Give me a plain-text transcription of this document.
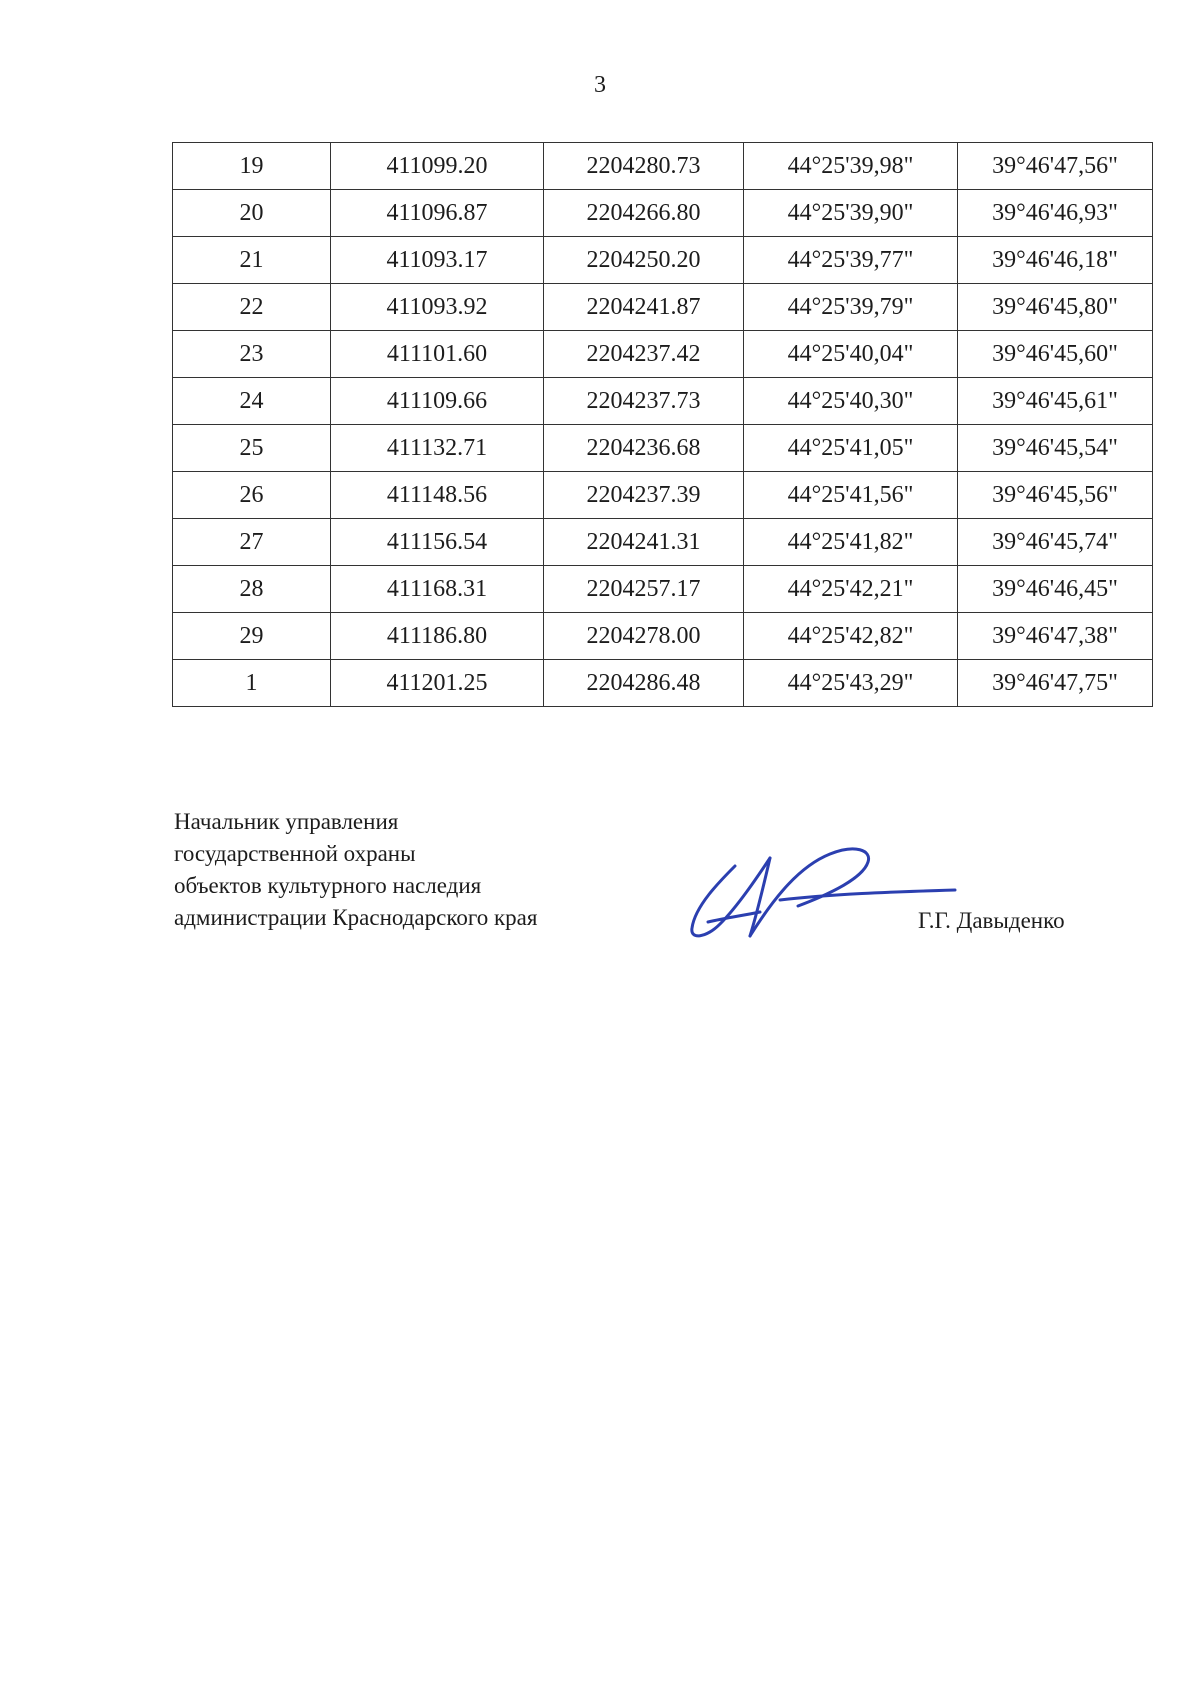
3
19	411099.20	2204280.73	44°25'39,98"	39°46'47,56"
20	411096.87	2204266.80	44°25'39,90"	39°46'46,93"
21	411093.17	2204250.20	44°25'39,77"	39°46'46,18"
22	411093.92	2204241.87	44°25'39,79"	39°46'45,80"
23	411101.60	2204237.42	44°25'40,04"	39°46'45,60"
24	411109.66	2204237.73	44°25'40,30"	39°46'45,61"
25	411132.71	2204236.68	44°25'41,05"	39°46'45,54"
26	411148.56	2204237.39	44°25'41,56"	39°46'45,56"
27	411156.54	2204241.31	44°25'41,82"	39°46'45,74"
28	411168.31	2204257.17	44°25'42,21"	39°46'46,45"
29	411186.80	2204278.00	44°25'42,82"	39°46'47,38"
1	411201.25	2204286.48	44°25'43,29"	39°46'47,75"
Начальник управления
государственной охраны
объектов культурного наследия
администрации Краснодарского края	Г.Г. Давыденко
